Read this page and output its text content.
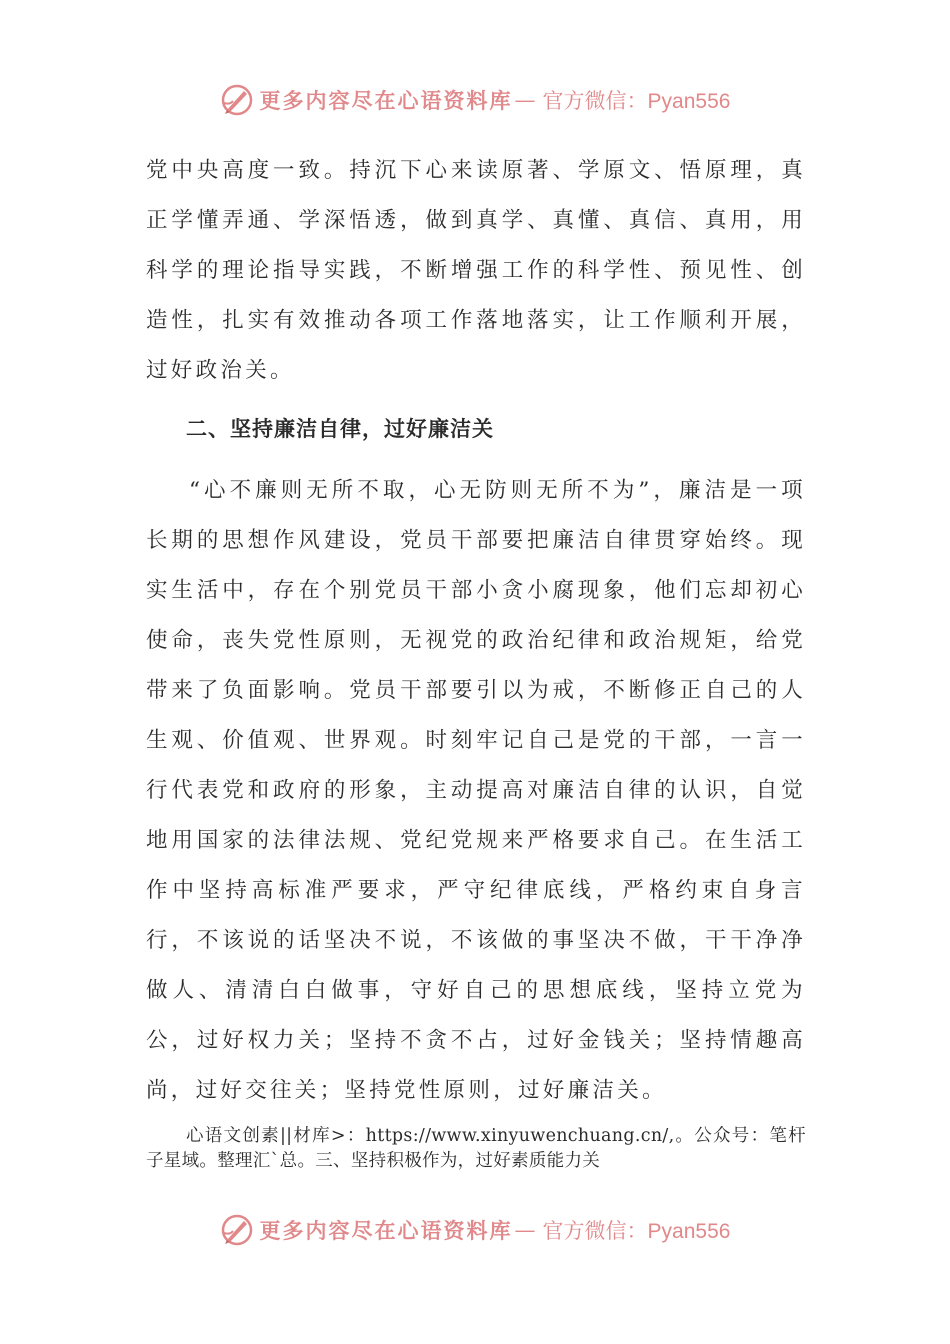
更多内容尽在心语资料库 — 官方微信：Pyan556

党中央高度一致。持沉下心来读原著、学原文、悟原理，真正学懂弄通、学深悟透，做到真学、真懂、真信、真用，用科学的理论指导实践，不断增强工作的科学性、预见性、创造性，扎实有效推动各项工作落地落实，让工作顺利开展，过好政治关。

二、坚持廉洁自律，过好廉洁关

“心不廉则无所不取，心无防则无所不为”，廉洁是一项长期的思想作风建设，党员干部要把廉洁自律贯穿始终。现实生活中，存在个别党员干部小贪小腐现象，他们忘却初心使命，丧失党性原则，无视党的政治纪律和政治规矩，给党带来了负面影响。党员干部要引以为戒，不断修正自己的人生观、价值观、世界观。时刻牢记自己是党的干部，一言一行代表党和政府的形象，主动提高对廉洁自律的认识，自觉地用国家的法律法规、党纪党规来严格要求自己。在生活工作中坚持高标准严要求，严守纪律底线，严格约束自身言行，不该说的话坚决不说，不该做的事坚决不做，干干净净做人、清清白白做事，守好自己的思想底线，坚持立党为公，过好权力关；坚持不贪不占，过好金钱关；坚持情趣高尚，过好交往关；坚持党性原则，过好廉洁关。

心语文创素||材库>：https://www.xinyuwenchuang.cn/,。公众号：笔杆子星域。整理汇`总。三、坚持积极作为，过好素质能力关

更多内容尽在心语资料库 — 官方微信：Pyan556
